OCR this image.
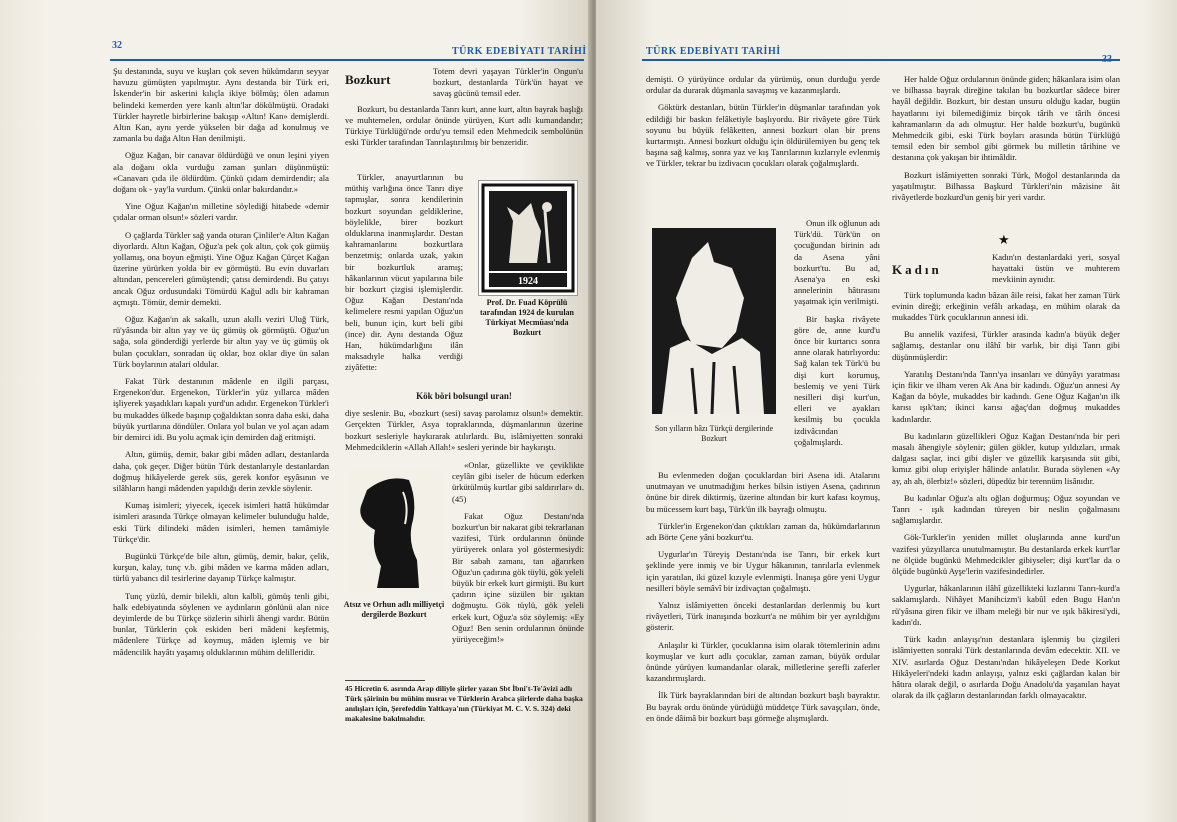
32
TÜRK EDEBİYATI TARİHİ

Şu destanında, suyu ve kuşları çok seven hükümdarın seyyar havuzu gümüşten yapılmıştır. Aynı destanda bir Türk eri, İskender'in bir askerini kılıçla ikiye bölmüş; ölen adamın belindeki kemerden yere kanlı altın'lar dökülmüştü. Oradaki Türkler hayretle birbirlerine bakışıp «Altın! Kan» demişlerdi. Altın Kan, aynı yerde yükselen bir dağa ad konulmuş ve zamanla bu dağa Altın Han denilmişti.

Oğuz Kağan, bir canavar öldürdüğü ve onun leşini yiyen ala doğanı okla vurduğu zaman şunları düşünmüştü: «Canavarı çıda ile öldürdüm. Çünkü çıdam demirdendir; ala doğanı ok - yay'la vurdum. Çünkü onlar bakırdandır.»

Yine Oğuz Kağan'ın milletine söylediği hitabede «demir çıdalar orman olsun!» sözleri vardır.

O çağlarda Türkler sağ yanda oturan Çinliler'e Altın Kağan diyorlardı. Altın Kağan, Oğuz'a pek çok altın, çok çok gümüş yollamış, ona boyun eğmişti. Yine Oğuz Kağan Çürçet Kağan üzerine yürürken yolda bir ev görmüştü. Bu evin duvarları altından, pencereleri gümüştendi; çatısı demirdendi. Bu çatıyı ancak Oğuz ordusundaki Tömürdü Kağul adlı bir kahraman açmıştı. Tömür, demir demekti.

Oğuz Kağan'ın ak sakallı, uzun akıllı veziri Uluğ Türk, rü'yâsında bir altın yay ve üç gümüş ok görmüştü. Oğuz'un sağa, sola gönderdiği yerlerde bir altın yay ve üç gümüş ok bulan çocukları, sonradan üç oklar, boz oklar diye ün salan Türk boylarının atalari oldular.

Fakat Türk destanının mâdenle en ilgili parçası, Ergenekon'dur. Ergenekon, Türkler'in yüz yıllarca mâden işliyerek yaşadıkları kapalı yurd'un adıdır. Ergenekon Türkler'i bu mukaddes ülkede başınıp çoğaldıktan sonra daha eski, daha büyük yurtlarına döndüler. Onlara yol bulan ve yol açan adam bir demirci idi. Bu yolu açmak için demirden dağ eritmişti.

Altın, gümüş, demir, bakır gibi mâden adları, destanlarda daha, çok geçer. Diğer bütün Türk destanlarıyle destanlardan doğmuş hikâyelerde gerek süs, gerek konfor eşyâsının ve silâhların hangi mâdenden yapıldığı derin zevkle söylenir.

Kumaş isimleri; yiyecek, içecek isimleri hattâ hükümdar isimleri arasında Türkçe olmayan kelimeler bulunduğu halde, eski Türk dilindeki mâden isimleri, hemen tamâmiyle Türkçe'dir.

Bugünkü Türkçe'de bile altın, gümüş, demir, bakır, çelik, kurşun, kalay, tunç v.b. gibi mâden ve karma mâden adları, türlü yabancı dil tesirlerine dayanıp Türkçe kalmıştır.

Tunç yüzlü, demir bilekli, altın kalbli, gümüş tenli gibi, halk edebiyatında söylenen ve aydınların gönlünü alan nice deyimlerde de bu Türkçe sözlerin sihirli âhengi vardır. Bütün bunlar, Türklerin çok eskiden beri mâdeni keşfetmiş, mâdenlere Türkçe ad koymuş, mâden işlemiş ve bir mâdencilik hayâtı yaşamış olduklarının mühim delilleridir.

Bozkurt
Totem devri yaşayan Türkler'in Ongun'u bozkurt, destanlarda Türk'ün hayat ve savaş gücünü temsil eder.

Bozkurt, bu destanlarda Tanrı kurt, anne kurt, altın bayrak başlığı ve muhtemelen, ordular önünde yürüyen, Kurt adlı kumandandır; Türkiye Türklüğü'nde ordu'yu temsil eden Mehmedcik sembolünün eski Türkler tarafından Tanrılaştırılmış bir benzeridir.

Türkler, anayurtlarının bu müthiş varlığına önce Tanrı diye tapmışlar, sonra kendilerinin bozkurt soyundan geldiklerine, böylelikle, birer bozkurt olduklarına inanmışlardır. Destan kahramanlarını bozkurtlara benzetmiş; onlarda uzak, yakın bir bozkurtluk aramış; hâkanlarının vücut yapılarına bile bir bozkurt çizgisi işlemişlerdir. Oğuz Kağan Destanı'nda kelimelere resmi yapılan Oğuz'un beli, bunun için, kurt beli gibi (ince) dir. Aynı destanda Oğuz Han, hükümdarlığını ilân maksadıyle halka verdiği ziyâfette:

1924
Prof. Dr. Fuad Köprülü tarafından 1924 de kurulan Türkiyat Mecmûası'nda Bozkurt
Kök böri bolsungıl uran!

diye seslenir. Bu, «bozkurt (sesi) savaş parolamız olsun!» demektir. Gerçekten Türkler, Asya topraklarında, düşmanlarının üzerine bozkurt sesleriyle haykırarak atılırlardı. Bu, islâmiyetten sonraki Mehmedciklerin «Allah Allah!» sesleri yerinde bir haykırıştı.

Atsız ve Orhun adlı milliyetçi dergilerde Bozkurt

«Onlar, güzellikte ve çeviklikte ceylân gibi iseler de hücum ederken ürkütülmüş kurtlar gibi saldırırlar» dı. (45)

Fakat Oğuz Destanı'nda bozkurt'un bir nakarat gibi tekrarlanan vazifesi, Türk ordularının önünde yürüyerek onlara yol göstermesiydi: Bir sabah zamanı, tan ağarırken Oğuz'un çadırına gök tüylü, gök yeleli büyük bir erkek kurt girmişti. Bu kurt çadırın içine süzülen bir ışıktan doğmuştu. Gök tüylü, gök yeleli erkek kurt, Oğuz'a söz söylemiş: «Ey Oğuz! Ben senin ordularının önünde yürüyeceğim!»

45 Hicretin 6. asrında Arap diliyle şiirler yazan Sbt İbni't-Te'âvizi adlı Türk şâirinin bu mühim mısraı ve Türklerin Arabca şiirlerde daha başka anılışları için, Şerefeddin Yaltkaya'nın (Türkiyat M. C. V. S. 324) deki makalesine bakılmalıdır.
TÜRK EDEBİYATI TARİHİ

demişti. O yürüyünce ordular da yürümüş, onun durduğu yerde ordular da durarak düşmanla savaşmış ve kazanmışlardı.

Göktürk destanları, bütün Türkler'in düşmanlar tarafından yok edildiği bir baskın felâketiyle başlıyordu. Bir rivâyete göre Türk soyunu bu büyük felâketten, annesi bozkurt olan bir prens kurtarmıştı. Annesi bozkurt olduğu için öldürülemiyen bu genç tek başına sağ kalmış, sonra yaz ve kış Tanrılarının kızlarıyle evlenmiş ve Türkler, tekrar bu izdivacın çocukları olarak çoğalmışlardı.

Son yılların bâzı Türkçü dergilerinde Bozkurt

Onun ilk oğlunun adı Türk'dü. Türk'ün on çocuğundan birinin adı da Asena yâni bozkurt'tu. Bu ad, Asena'ya en eski annelerinin hâtırasını yaşatmak için verilmişti.

Bir başka rivâyete göre de, anne kurd'u önce bir kurtarıcı sonra anne olarak hatırlıyordu: Sağ kalan tek Türk'ü bu dişi kurt korumuş, beslemiş ve yeni Türk nesilleri dişi kurt'un, elleri ve ayakları kesilmiş bu çocukla izdivâcından çoğalmışlardı.

Bu evlenmeden doğan çocuklardan biri Asena idi. Atalarını unutmayan ve unutmadığını herkes bilsin istiyen Asena, çadırının önüne bir direk diktirmiş, üzerine altından bir kurt kafası koymuş, bu mücessem kurt başı, Türk'ün ilk bayrağı olmuştu.

Türkler'in Ergenekon'dan çıktıkları zaman da, hükümdarlarının adı Börte Çene yâni bozkurt'tu.

Uygurlar'ın Türeyiş Destanı'nda ise Tanrı, bir erkek kurt şeklinde yere inmiş ve bir Uygur hâkanının, tanrılarla evlenmek için yaratılan, iki güzel kızıyle evlenmişti. İnanışa göre yeni Uygur nesilleri böyle semâvî bir izdivaçtan çoğalmıştı.

Yalnız islâmiyetten önceki destanlardan derlenmiş bu kurt rivâyetleri, Türk inanışında bozkurt'a ne mühim bir yer ayrıldığını gösterir.

Anlaşılır ki Türkler, çocuklarına isim olarak tötemlerinin adını koymuşlar ve kurt adlı çocuklar, zaman zaman, büyük ordular önünde yürüyen kumandanlar olarak, milletlerine şerefli zaferler kazandırmışlardı.

İlk Türk bayraklarından biri de altından bozkurt başlı bayraktır. Bu bayrak ordu önünde yürüdüğü müddetçe Türk savaşçıları, önde, en önde dâimâ bir bozkurt başı görmeğe alışmışlardı.

Her halde Oğuz ordularının önünde giden; hâkanlara isim olan ve bilhassa bayrak direğine takılan bu bozkurtlar sâdece birer hayâl değildir. Bozkurt, bir destan unsuru olduğu kadar, bugün hayatlarını iyi bilemediğimiz birçok târih ve târih öncesi kahramanların da adı olmuştur. Her halde bozkurt'u, bugünkü Mehmedcik gibi, eski Türk boyları arasında bütün Türklüğü temsil eden bir sembol gibi görmek bu milletin târihine ve destanına çok yakışan bir ihtimâldir.

Bozkurt islâmiyetten sonraki Türk, Moğol destanlarında da yaşatılmıştır. Bilhassa Başkurd Türkleri'nin mâzisine âit rivâyetlerde bozkurd'un geniş bir yeri vardır.

★
Kadın
Kadın'ın destanlardaki yeri, sosyal hayattaki üstün ve muhterem mevkiinin aynıdır.

Türk toplumunda kadın bâzan âile reisi, fakat her zaman Türk evinin direği; erkeğinin vefâlı arkadaşı, en mühim olarak da mukaddes Türk çocuklarının annesi idi.

Bu annelik vazifesi, Türkler arasında kadın'a büyük değer sağlamış, destanlar onu ilâhî bir varlık, bir dişi Tanrı gibi düşünmüşlerdir:

Yaratılış Destanı'nda Tanrı'ya insanları ve dünyâyı yaratması için fikir ve ilham veren Ak Ana bir kadındı. Oğuz'un annesi Ay Kağan da böyle, mukaddes bir kadındı. Gene Oğuz Kağan'ın ilk karısı ışık'tan; ikinci karısı ağaç'dan doğmuş mukaddes kadınlardır.

Bu kadınların güzellikleri Oğuz Kağan Destanı'nda bir peri masalı âhengiyle söylenir; gülen gökler, kutup yıldızları, ırmak dalgası saçlar, inci gibi dişler ve güzellik karşısında süt gibi, kımız gibi olup eriyişler hâlinde anlatılır. Burada söylenen «Ay ay, ah ah, ölerbiz!» sözleri, düpedüz bir terennüm lisânıdır.

Bu kadınlar Oğuz'a altı oğlan doğurmuş; Oğuz soyundan ve Tanrı - ışık kadından türeyen bir neslin çoğalmasını sağlamışlardır.

Gök-Turkler'in yeniden millet oluşlarında anne kurd'un vazifesi yüzyıllarca unutulmamıştır. Bu destanlarda erkek kurt'lar ne ölçüde bugünkü Mehmedcikler gibiyseler; dişi kurt'lar da o ölçüde bugünkü Ayşe'lerin vazifesindedirler.

Uygurlar, hâkanlarının ilâhî güzellikteki kızlarını Tanrı-kurd'a saklamışlardı. Nihâyet Manihcizm'i kabûl eden Bugu Han'ın rü'yâsına giren fikir ve ilham meleği bir nur ve ışık bâkiresi'ydi, kadın'dı.

Türk kadın anlayışı'nın destanlara işlenmiş bu çizgileri islâmiyetten sonraki Türk destanlarında devâm edecektir. XII. ve XIV. asırlarda Oğuz Destanı'ndan hikâyeleşen Dede Korkut Hikâyeleri'ndeki kadın anlayışı, yalnız eski çağlardan kalan bir hâtıra olarak değil, o asırlarda Doğu Anadolu'da yaşanılan hayat olarak da ilk çağların destanlarından farklı olmayacaktır.
